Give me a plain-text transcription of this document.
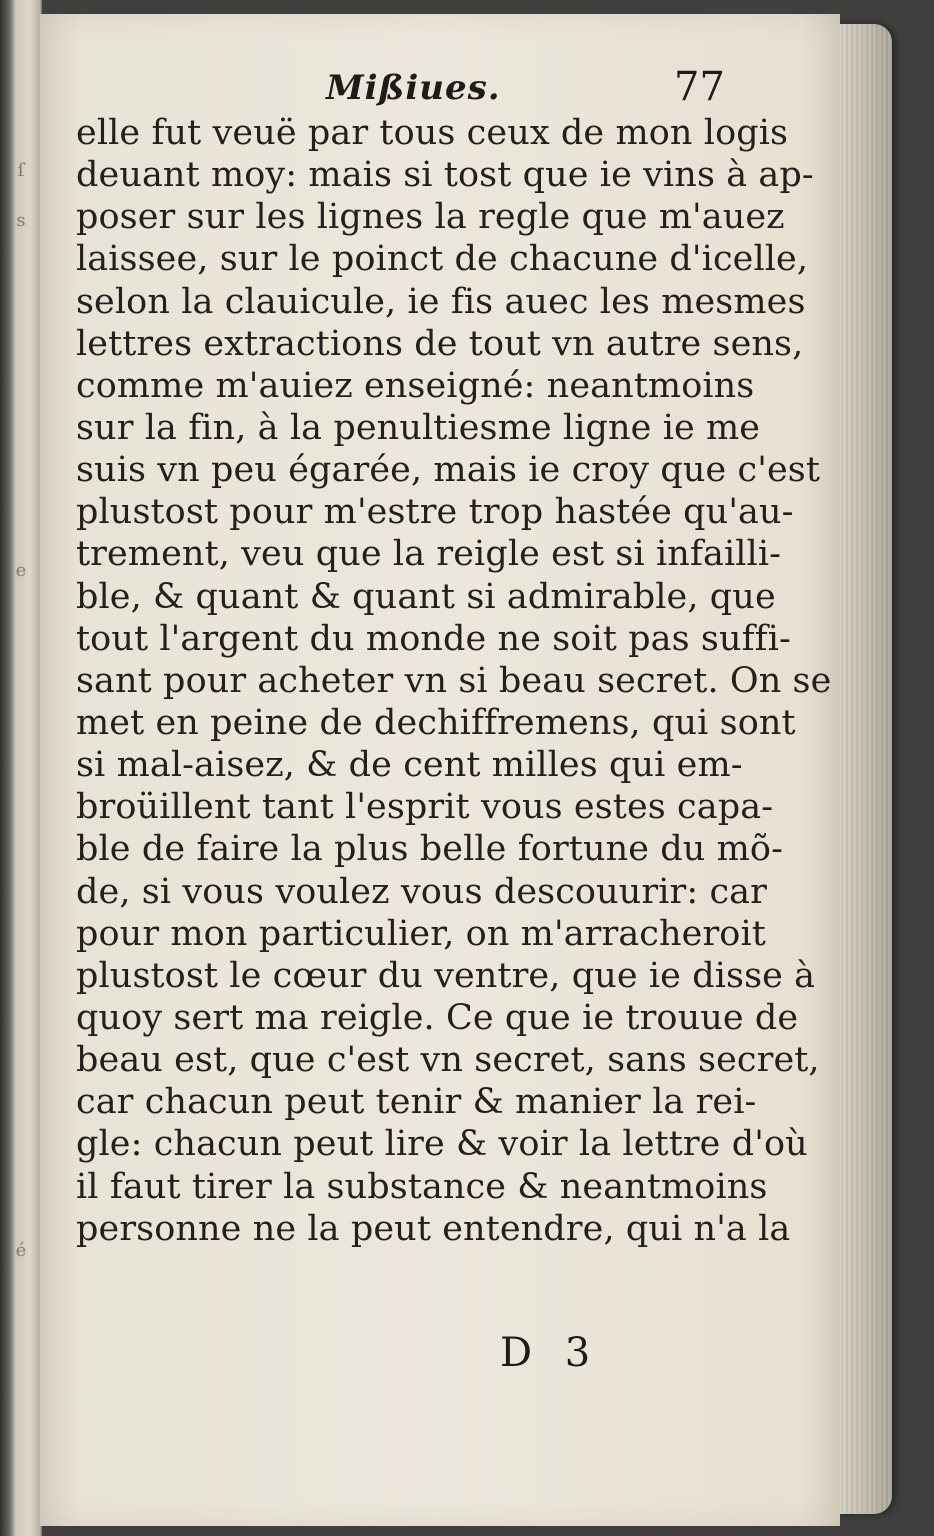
ſ
s
e
é
Mißiues.	77
elle fut veuë par tous ceux de mon logis
deuant moy: mais si tost que ie vins à ap-
poser sur les lignes la regle que m'auez
laissee, sur le poinct de chacune d'icelle,
selon la clauicule, ie fis auec les mesmes
lettres extractions de tout vn autre sens,
comme m'auiez enseigné: neantmoins
sur la fin, à la penultiesme ligne ie me
suis vn peu égarée, mais ie croy que c'est
plustost pour m'estre trop hastée qu'au-
trement, veu que la reigle est si infailli-
ble, & quant & quant si admirable, que
tout l'argent du monde ne soit pas suffi-
sant pour acheter vn si beau secret. On se
met en peine de dechiffremens, qui sont
si mal-aisez, & de cent milles qui em-
broüillent tant l'esprit vous estes capa-
ble de faire la plus belle fortune du mõ-
de, si vous voulez vous descouurir: car
pour mon particulier, on m'arracheroit
plustost le cœur du ventre, que ie disse à
quoy sert ma reigle. Ce que ie trouue de
beau est, que c'est vn secret, sans secret,
car chacun peut tenir & manier la rei-
gle: chacun peut lire & voir la lettre d'où
il faut tirer la substance & neantmoins
personne ne la peut entendre, qui n'a la
D 3
